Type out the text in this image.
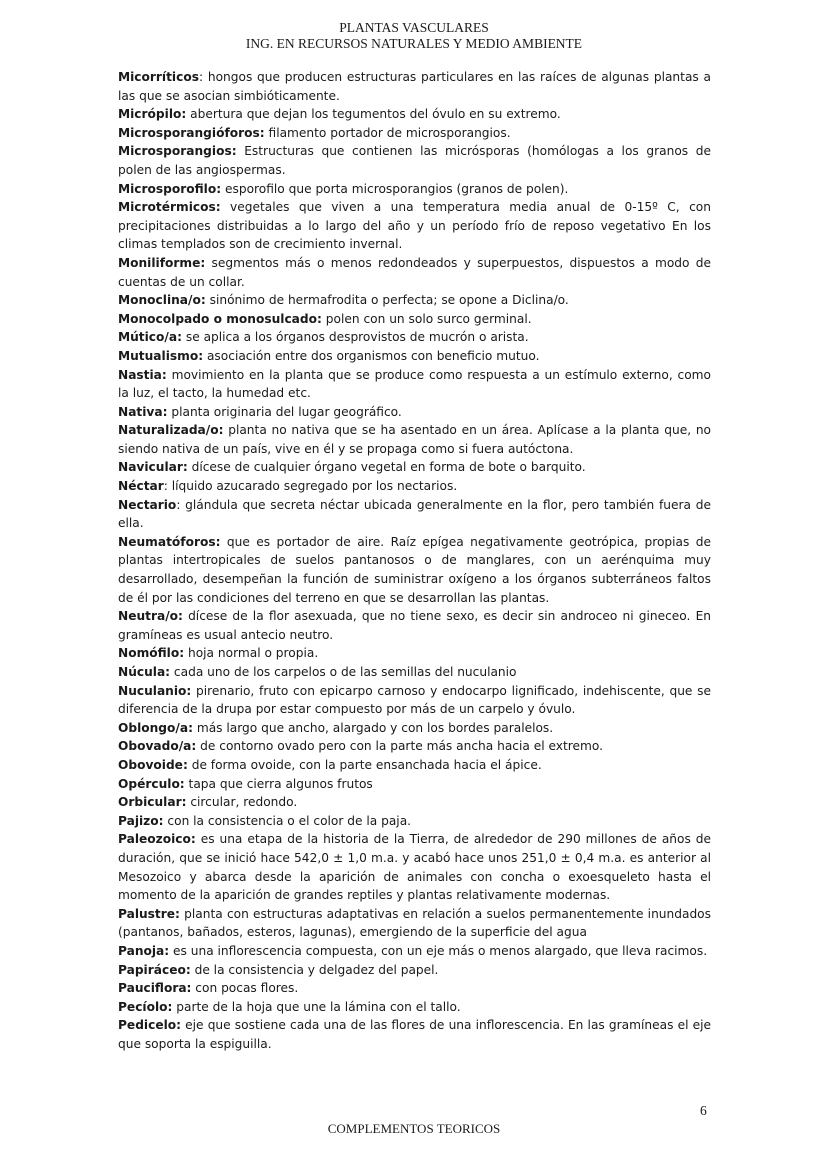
PLANTAS VASCULARES
ING. EN RECURSOS NATURALES Y MEDIO AMBIENTE

Micorríticos: hongos que producen estructuras particulares en las raíces de algunas plantas a las que se asocian simbióticamente.

Micrópilo: abertura que dejan los tegumentos del óvulo en su extremo.

Microsporangióforos: filamento portador de microsporangios.

Microsporangios: Estructuras que contienen las micrósporas (homólogas a los granos de polen de las angiospermas.

Microsporofilo: esporofilo que porta microsporangios (granos de polen).

Microtérmicos: vegetales que viven a una temperatura media anual de 0-15º C, con precipitaciones distribuidas a lo largo del año y un período frío de reposo vegetativo En los climas templados son de crecimiento invernal.

Moniliforme: segmentos más o menos redondeados y superpuestos, dispuestos a modo de cuentas de un collar.

Monoclina/o: sinónimo de hermafrodita o perfecta; se opone a Diclina/o.

Monocolpado o monosulcado: polen con un solo surco germinal.

Mútico/a: se aplica a los órganos desprovistos de mucrón o arista.

Mutualismo: asociación entre dos organismos con beneficio mutuo.

Nastia: movimiento en la planta que se produce como respuesta a un estímulo externo, como la luz, el tacto, la humedad etc.

Nativa: planta originaria del lugar geográfico.

Naturalizada/o: planta no nativa que se ha asentado en un área. Aplícase a la planta que, no siendo nativa de un país, vive en él y se propaga como si fuera autóctona.

Navicular: dícese de cualquier órgano vegetal en forma de bote o barquito.

Néctar: líquido azucarado segregado por los nectarios.

Nectario: glándula que secreta néctar ubicada generalmente en la flor, pero también fuera de ella.

Neumatóforos: que es portador de aire. Raíz epígea negativamente geotrópica, propias de plantas intertropicales de suelos pantanosos o de manglares, con un aerénquima muy desarrollado, desempeñan la función de suministrar oxígeno a los órganos subterráneos faltos de él por las condiciones del terreno en que se desarrollan las plantas.

Neutra/o: dícese de la flor asexuada, que no tiene sexo, es decir sin androceo ni gineceo. En gramíneas es usual antecio neutro.

Nomófilo: hoja normal o propia.

Núcula: cada uno de los carpelos o de las semillas del nuculanio

Nuculanio: pirenario, fruto con epicarpo carnoso y endocarpo lignificado, indehiscente, que se diferencia de la drupa por estar compuesto por más de un carpelo y óvulo.

Oblongo/a: más largo que ancho, alargado y con los bordes paralelos.

Obovado/a: de contorno ovado pero con la parte más ancha hacia el extremo.

Obovoide: de forma ovoide, con la parte ensanchada hacia el ápice.

Opérculo: tapa que cierra algunos frutos

Orbicular: circular, redondo.

Pajizo: con la consistencia o el color de la paja.

Paleozoico: es una etapa de la historia de la Tierra, de alrededor de 290 millones de años de duración, que se inició hace 542,0 ± 1,0 m.a. y acabó hace unos 251,0 ± 0,4 m.a. es anterior al Mesozoico y abarca desde la aparición de animales con concha o exoesqueleto hasta el momento de la aparición de grandes reptiles y plantas relativamente modernas.

Palustre: planta con estructuras adaptativas en relación a suelos permanentemente inundados (pantanos, bañados, esteros, lagunas), emergiendo de la superficie del agua

Panoja: es una inflorescencia compuesta, con un eje más o menos alargado, que lleva racimos.

Papiráceo: de la consistencia y delgadez del papel.

Pauciflora: con pocas flores.

Pecíolo: parte de la hoja que une la lámina con el tallo.

Pedicelo: eje que sostiene cada una de las flores de una inflorescencia. En las gramíneas el eje que soporta la espiguilla.

6
COMPLEMENTOS TEORICOS
